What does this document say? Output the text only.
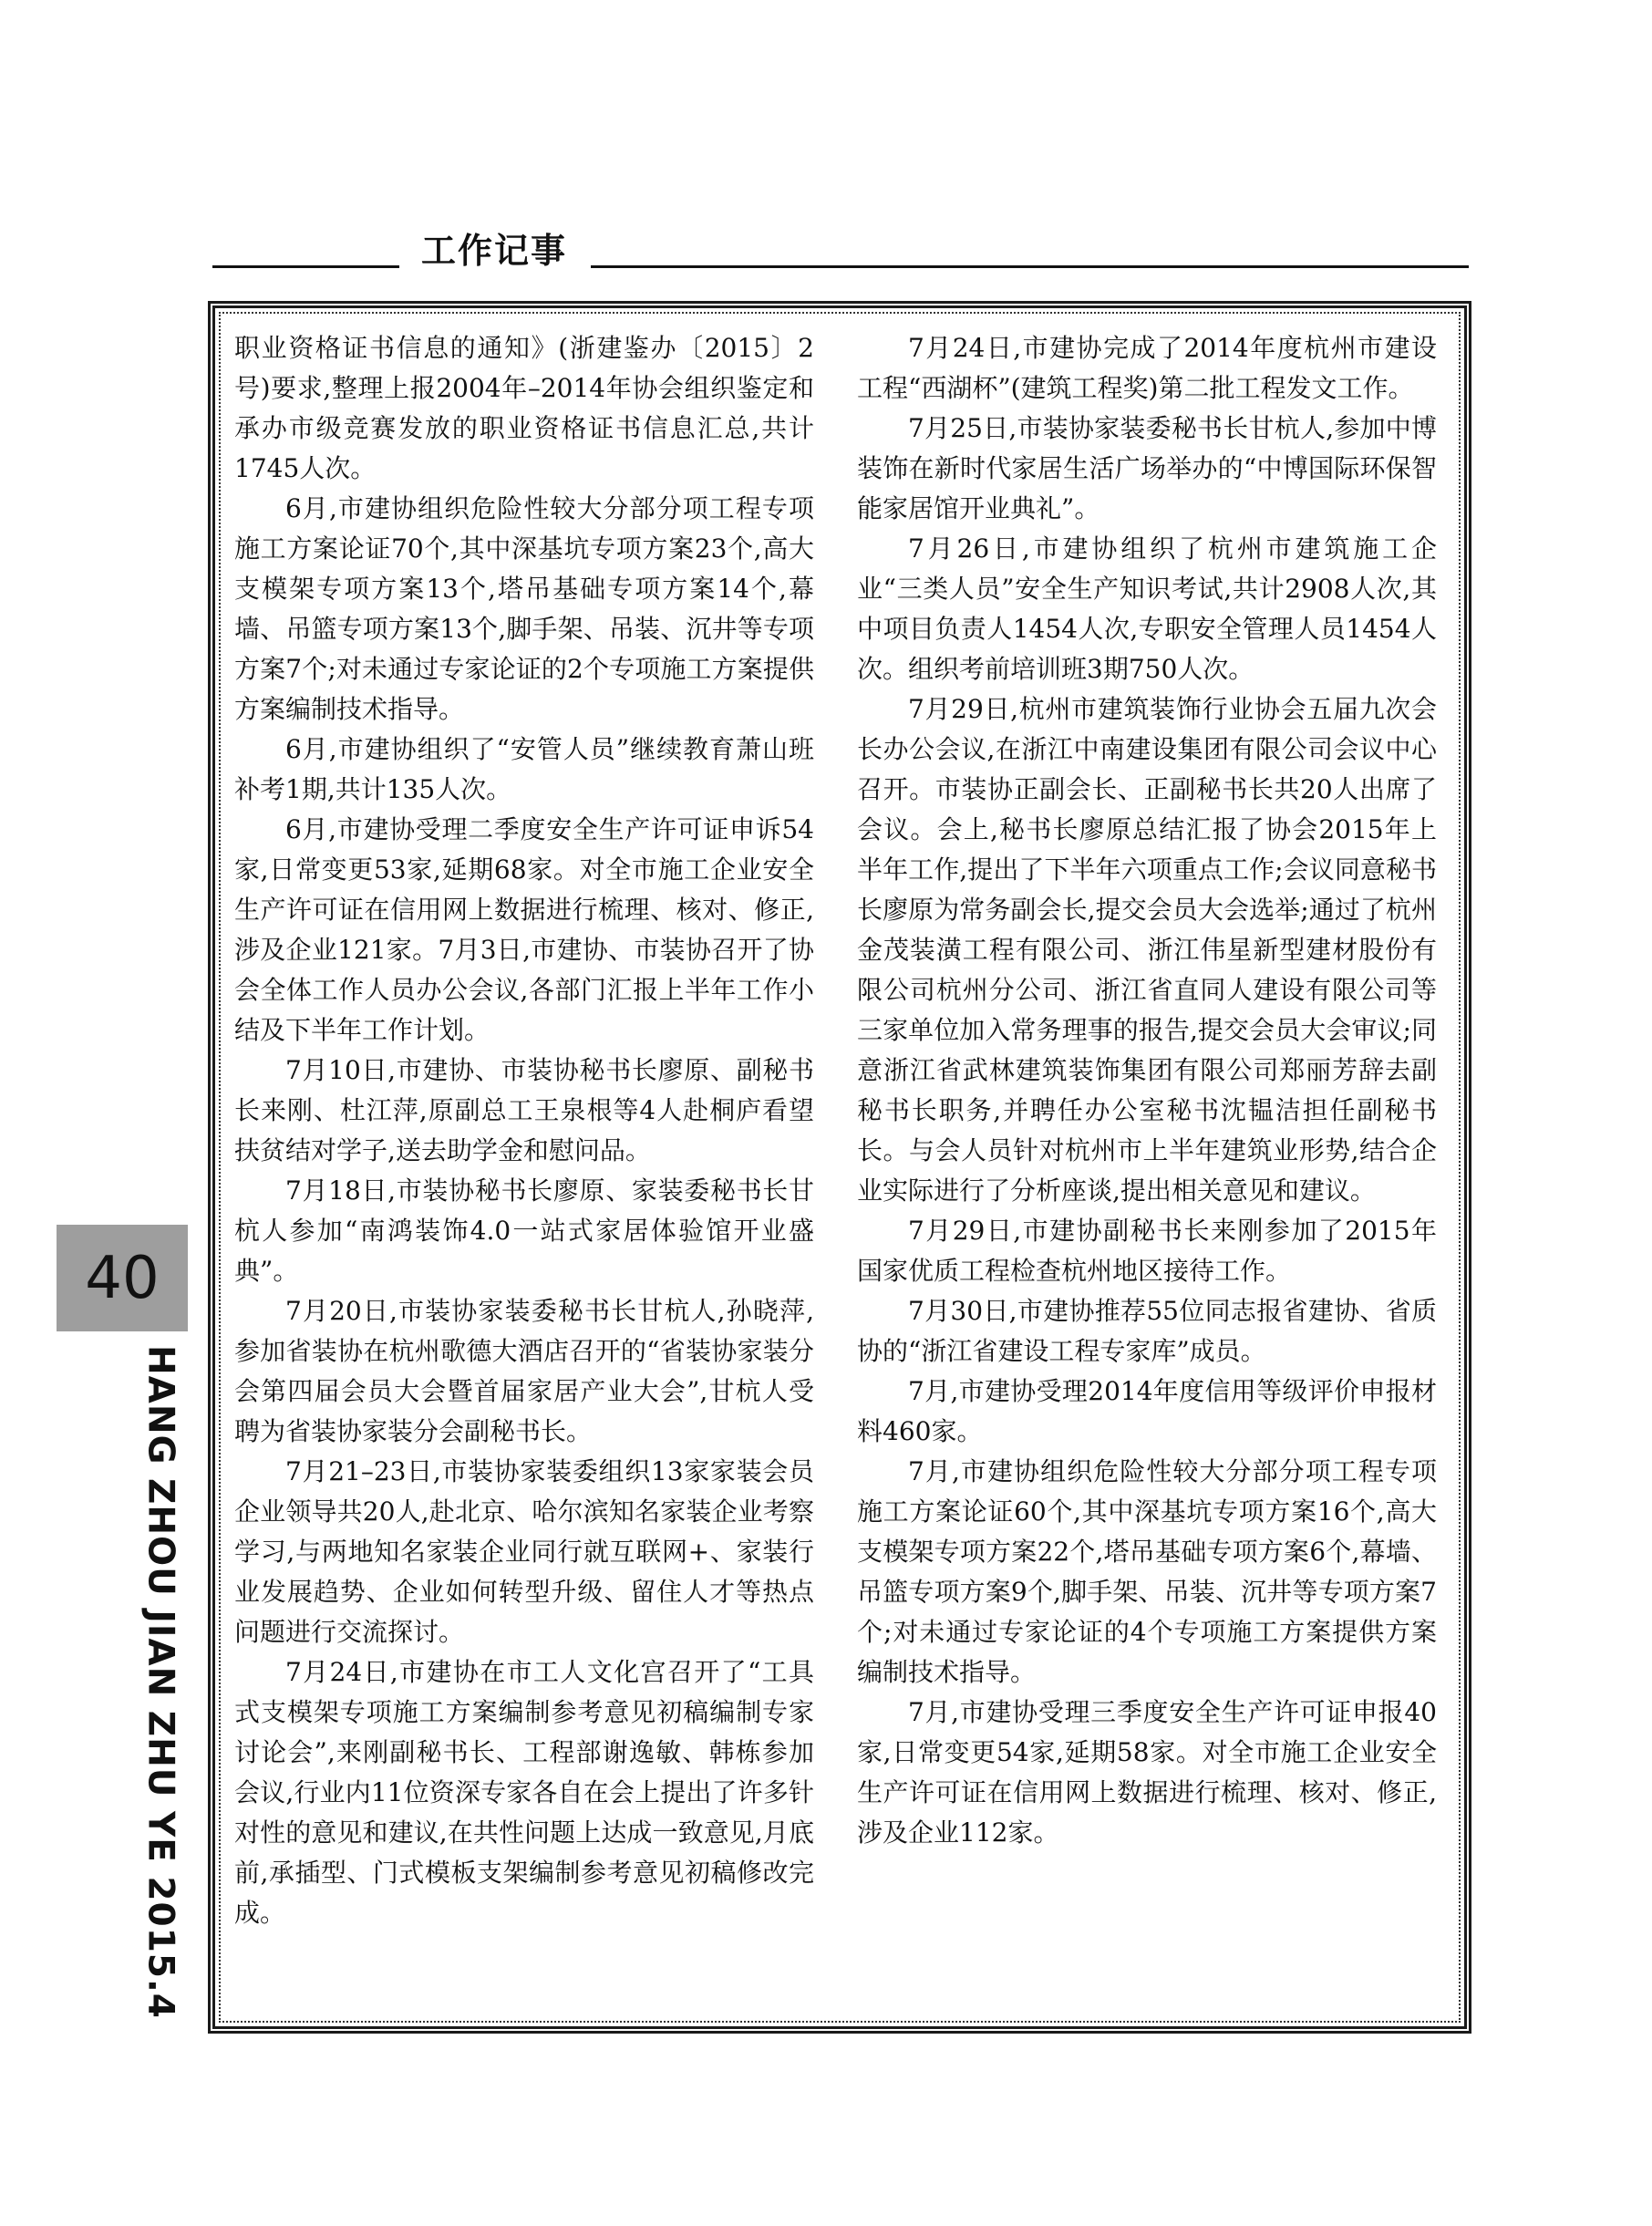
工作记事

职业资格证书信息的通知》(浙建鉴办〔2015〕2号)要求,整理上报2004年–2014年协会组织鉴定和承办市级竞赛发放的职业资格证书信息汇总,共计1745人次。

6月,市建协组织危险性较大分部分项工程专项施工方案论证70个,其中深基坑专项方案23个,高大支模架专项方案13个,塔吊基础专项方案14个,幕墙、吊篮专项方案13个,脚手架、吊装、沉井等专项方案7个;对未通过专家论证的2个专项施工方案提供方案编制技术指导。

6月,市建协组织了“安管人员”继续教育萧山班补考1期,共计135人次。

6月,市建协受理二季度安全生产许可证申诉54家,日常变更53家,延期68家。对全市施工企业安全生产许可证在信用网上数据进行梳理、核对、修正,涉及企业121家。7月3日,市建协、市装协召开了协会全体工作人员办公会议,各部门汇报上半年工作小结及下半年工作计划。

7月10日,市建协、市装协秘书长廖原、副秘书长来刚、杜江萍,原副总工王泉根等4人赴桐庐看望扶贫结对学子,送去助学金和慰问品。

7月18日,市装协秘书长廖原、家装委秘书长甘杭人参加“南鸿装饰4.0一站式家居体验馆开业盛典”。

7月20日,市装协家装委秘书长甘杭人,孙晓萍,参加省装协在杭州歌德大酒店召开的“省装协家装分会第四届会员大会暨首届家居产业大会”,甘杭人受聘为省装协家装分会副秘书长。

7月21–23日,市装协家装委组织13家家装会员企业领导共20人,赴北京、哈尔滨知名家装企业考察学习,与两地知名家装企业同行就互联网+、家装行业发展趋势、企业如何转型升级、留住人才等热点问题进行交流探讨。

7月24日,市建协在市工人文化宫召开了“工具式支模架专项施工方案编制参考意见初稿编制专家讨论会”,来刚副秘书长、工程部谢逸敏、韩栋参加会议,行业内11位资深专家各自在会上提出了许多针对性的意见和建议,在共性问题上达成一致意见,月底前,承插型、门式模板支架编制参考意见初稿修改完成。

7月24日,市建协完成了2014年度杭州市建设工程“西湖杯”(建筑工程奖)第二批工程发文工作。

7月25日,市装协家装委秘书长甘杭人,参加中博装饰在新时代家居生活广场举办的“中博国际环保智能家居馆开业典礼”。

7月26日,市建协组织了杭州市建筑施工企业“三类人员”安全生产知识考试,共计2908人次,其中项目负责人1454人次,专职安全管理人员1454人次。组织考前培训班3期750人次。

7月29日,杭州市建筑装饰行业协会五届九次会长办公会议,在浙江中南建设集团有限公司会议中心召开。市装协正副会长、正副秘书长共20人出席了会议。会上,秘书长廖原总结汇报了协会2015年上半年工作,提出了下半年六项重点工作;会议同意秘书长廖原为常务副会长,提交会员大会选举;通过了杭州金茂装潢工程有限公司、浙江伟星新型建材股份有限公司杭州分公司、浙江省直同人建设有限公司等三家单位加入常务理事的报告,提交会员大会审议;同意浙江省武林建筑装饰集团有限公司郑丽芳辞去副秘书长职务,并聘任办公室秘书沈韫洁担任副秘书长。与会人员针对杭州市上半年建筑业形势,结合企业实际进行了分析座谈,提出相关意见和建议。

7月29日,市建协副秘书长来刚参加了2015年国家优质工程检查杭州地区接待工作。

7月30日,市建协推荐55位同志报省建协、省质协的“浙江省建设工程专家库”成员。

7月,市建协受理2014年度信用等级评价申报材料460家。

7月,市建协组织危险性较大分部分项工程专项施工方案论证60个,其中深基坑专项方案16个,高大支模架专项方案22个,塔吊基础专项方案6个,幕墙、吊篮专项方案9个,脚手架、吊装、沉井等专项方案7个;对未通过专家论证的4个专项施工方案提供方案编制技术指导。

7月,市建协受理三季度安全生产许可证申报40家,日常变更54家,延期58家。对全市施工企业安全生产许可证在信用网上数据进行梳理、核对、修正,涉及企业112家。

40
HANG ZHOU JIAN ZHU YE 2015.4
